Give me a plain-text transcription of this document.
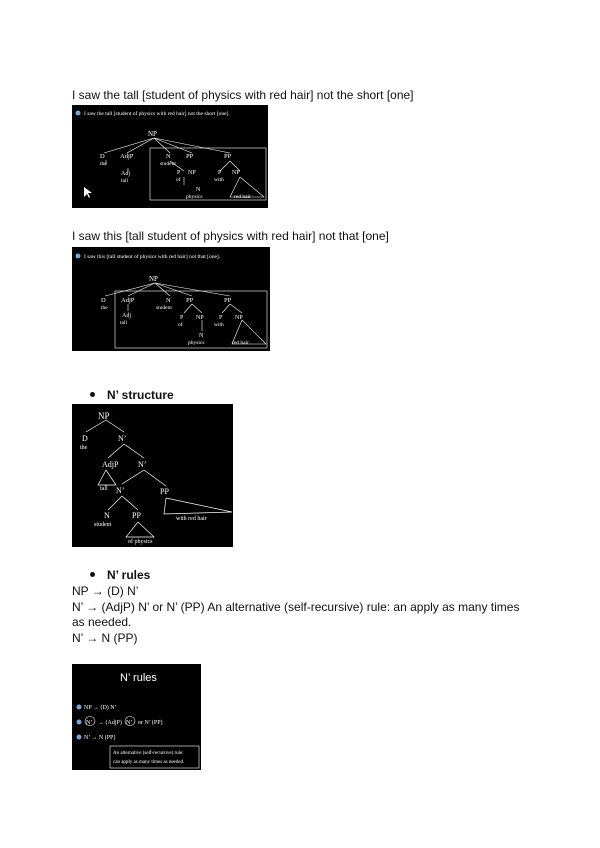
I saw the tall [student of physics with red hair] not the short [one]
I saw the tall [student of physics with red hair] not the short [one].
NP
D
the
AdjP
Adj
tall
N
student
PP
P
of
NP
N
physics
PP
P
with
NP
red hair
I saw this [tall student of physics with red hair] not that [one]
I saw this [tall student of physics with red hair] not that [one].
NP
D
the
AdjP
Adj
tall
N
student
PP
P
of
NP
N
physics
PP
P
with
NP
red hair
N’ structure
NP
D
the
N’
AdjP
tall
N’
N’	PP
with red hair
N
student
PP
of physics
N’ rules
NP → (D) N’
N’ → (AdjP) N’ or N’ (PP) An alternative (self-recursive) rule: an apply as many times as needed.
N’ → N (PP)
N’ rules
NP → (D) N’
N’ → (AdjP) N’ or N’ (PP)
N’ → N (PP)
An alternative (self-recursive) rule:
can apply as many times as needed.
